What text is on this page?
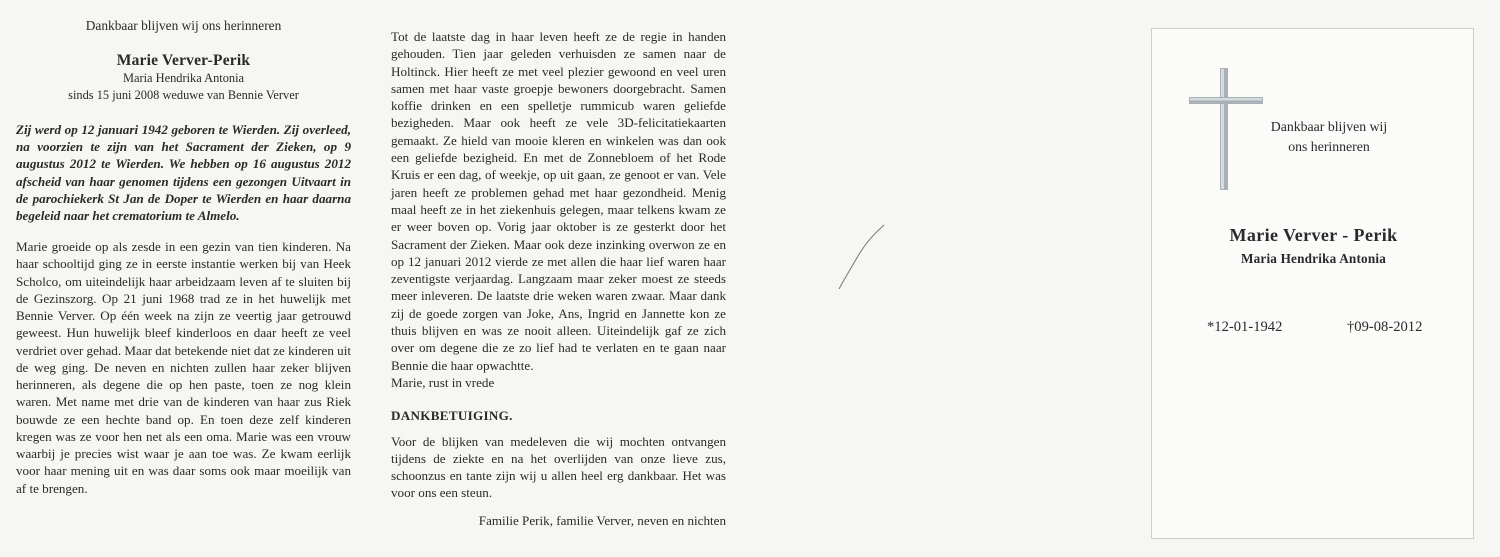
Dankbaar blijven wij ons herinneren
Marie Verver-Perik
Maria Hendrika Antonia
sinds 15 juni 2008 weduwe van Bennie Verver
Zij werd op 12 januari 1942 geboren te Wierden. Zij overleed, na voorzien te zijn van het Sacrament der Zieken, op 9 augustus 2012 te Wierden. We hebben op 16 augustus 2012 afscheid van haar genomen tijdens een gezongen Uitvaart in de parochiekerk St Jan de Doper te Wierden en haar daarna begeleid naar het crematorium te Almelo.
Marie groeide op als zesde in een gezin van tien kinderen. Na haar schooltijd ging ze in eerste instantie werken bij van Heek Scholco, om uiteindelijk haar arbeidzaam leven af te sluiten bij de Gezinszorg. Op 21 juni 1968 trad ze in het huwelijk met Bennie Verver. Op één week na zijn ze veertig jaar getrouwd geweest. Hun huwelijk bleef kinderloos en daar heeft ze veel verdriet over gehad. Maar dat betekende niet dat ze kinderen uit de weg ging. De neven en nichten zullen haar zeker blijven herinneren, als degene die op hen paste, toen ze nog klein waren. Met name met drie van de kinderen van haar zus Riek bouwde ze een hechte band op. En toen deze zelf kinderen kregen was ze voor hen net als een oma. Marie was een vrouw waarbij je precies wist waar je aan toe was. Ze kwam eerlijk voor haar mening uit en was daar soms ook maar moeilijk van af te brengen.
Tot de laatste dag in haar leven heeft ze de regie in handen gehouden. Tien jaar geleden verhuisden ze samen naar de Holtinck. Hier heeft ze met veel plezier gewoond en veel uren samen met haar vaste groepje bewoners doorgebracht. Samen koffie drinken en een spelletje rummicub waren geliefde bezigheden. Maar ook heeft ze vele 3D-felicitatiekaarten gemaakt. Ze hield van mooie kleren en winkelen was dan ook een geliefde bezigheid. En met de Zonnebloem of het Rode Kruis er een dag, of weekje, op uit gaan, ze genoot er van. Vele jaren heeft ze problemen gehad met haar gezondheid. Menig maal heeft ze in het ziekenhuis gelegen, maar telkens kwam ze er weer boven op. Vorig jaar oktober is ze gesterkt door het Sacrament der Zieken. Maar ook deze inzinking overwon ze en op 12 januari 2012 vierde ze met allen die haar lief waren haar zeventigste verjaardag. Langzaam maar zeker moest ze steeds meer inleveren. De laatste drie weken waren zwaar. Maar dank zij de goede zorgen van Joke, Ans, Ingrid en Jannette kon ze thuis blijven en was ze nooit alleen. Uiteindelijk gaf ze zich over om degene die ze zo lief had te verlaten en te gaan naar Bennie die haar opwachtte.
Marie, rust in vrede
DANKBETUIGING.
Voor de blijken van medeleven die wij mochten ontvangen tijdens de ziekte en na het overlijden van onze lieve zus, schoonzus en tante zijn wij u allen heel erg dankbaar. Het was voor ons een steun.
Familie Perik, familie Verver, neven en nichten
Dankbaar blijven wij
ons herinneren
Marie Verver - Perik
Maria Hendrika Antonia
*12-01-1942	†09-08-2012
